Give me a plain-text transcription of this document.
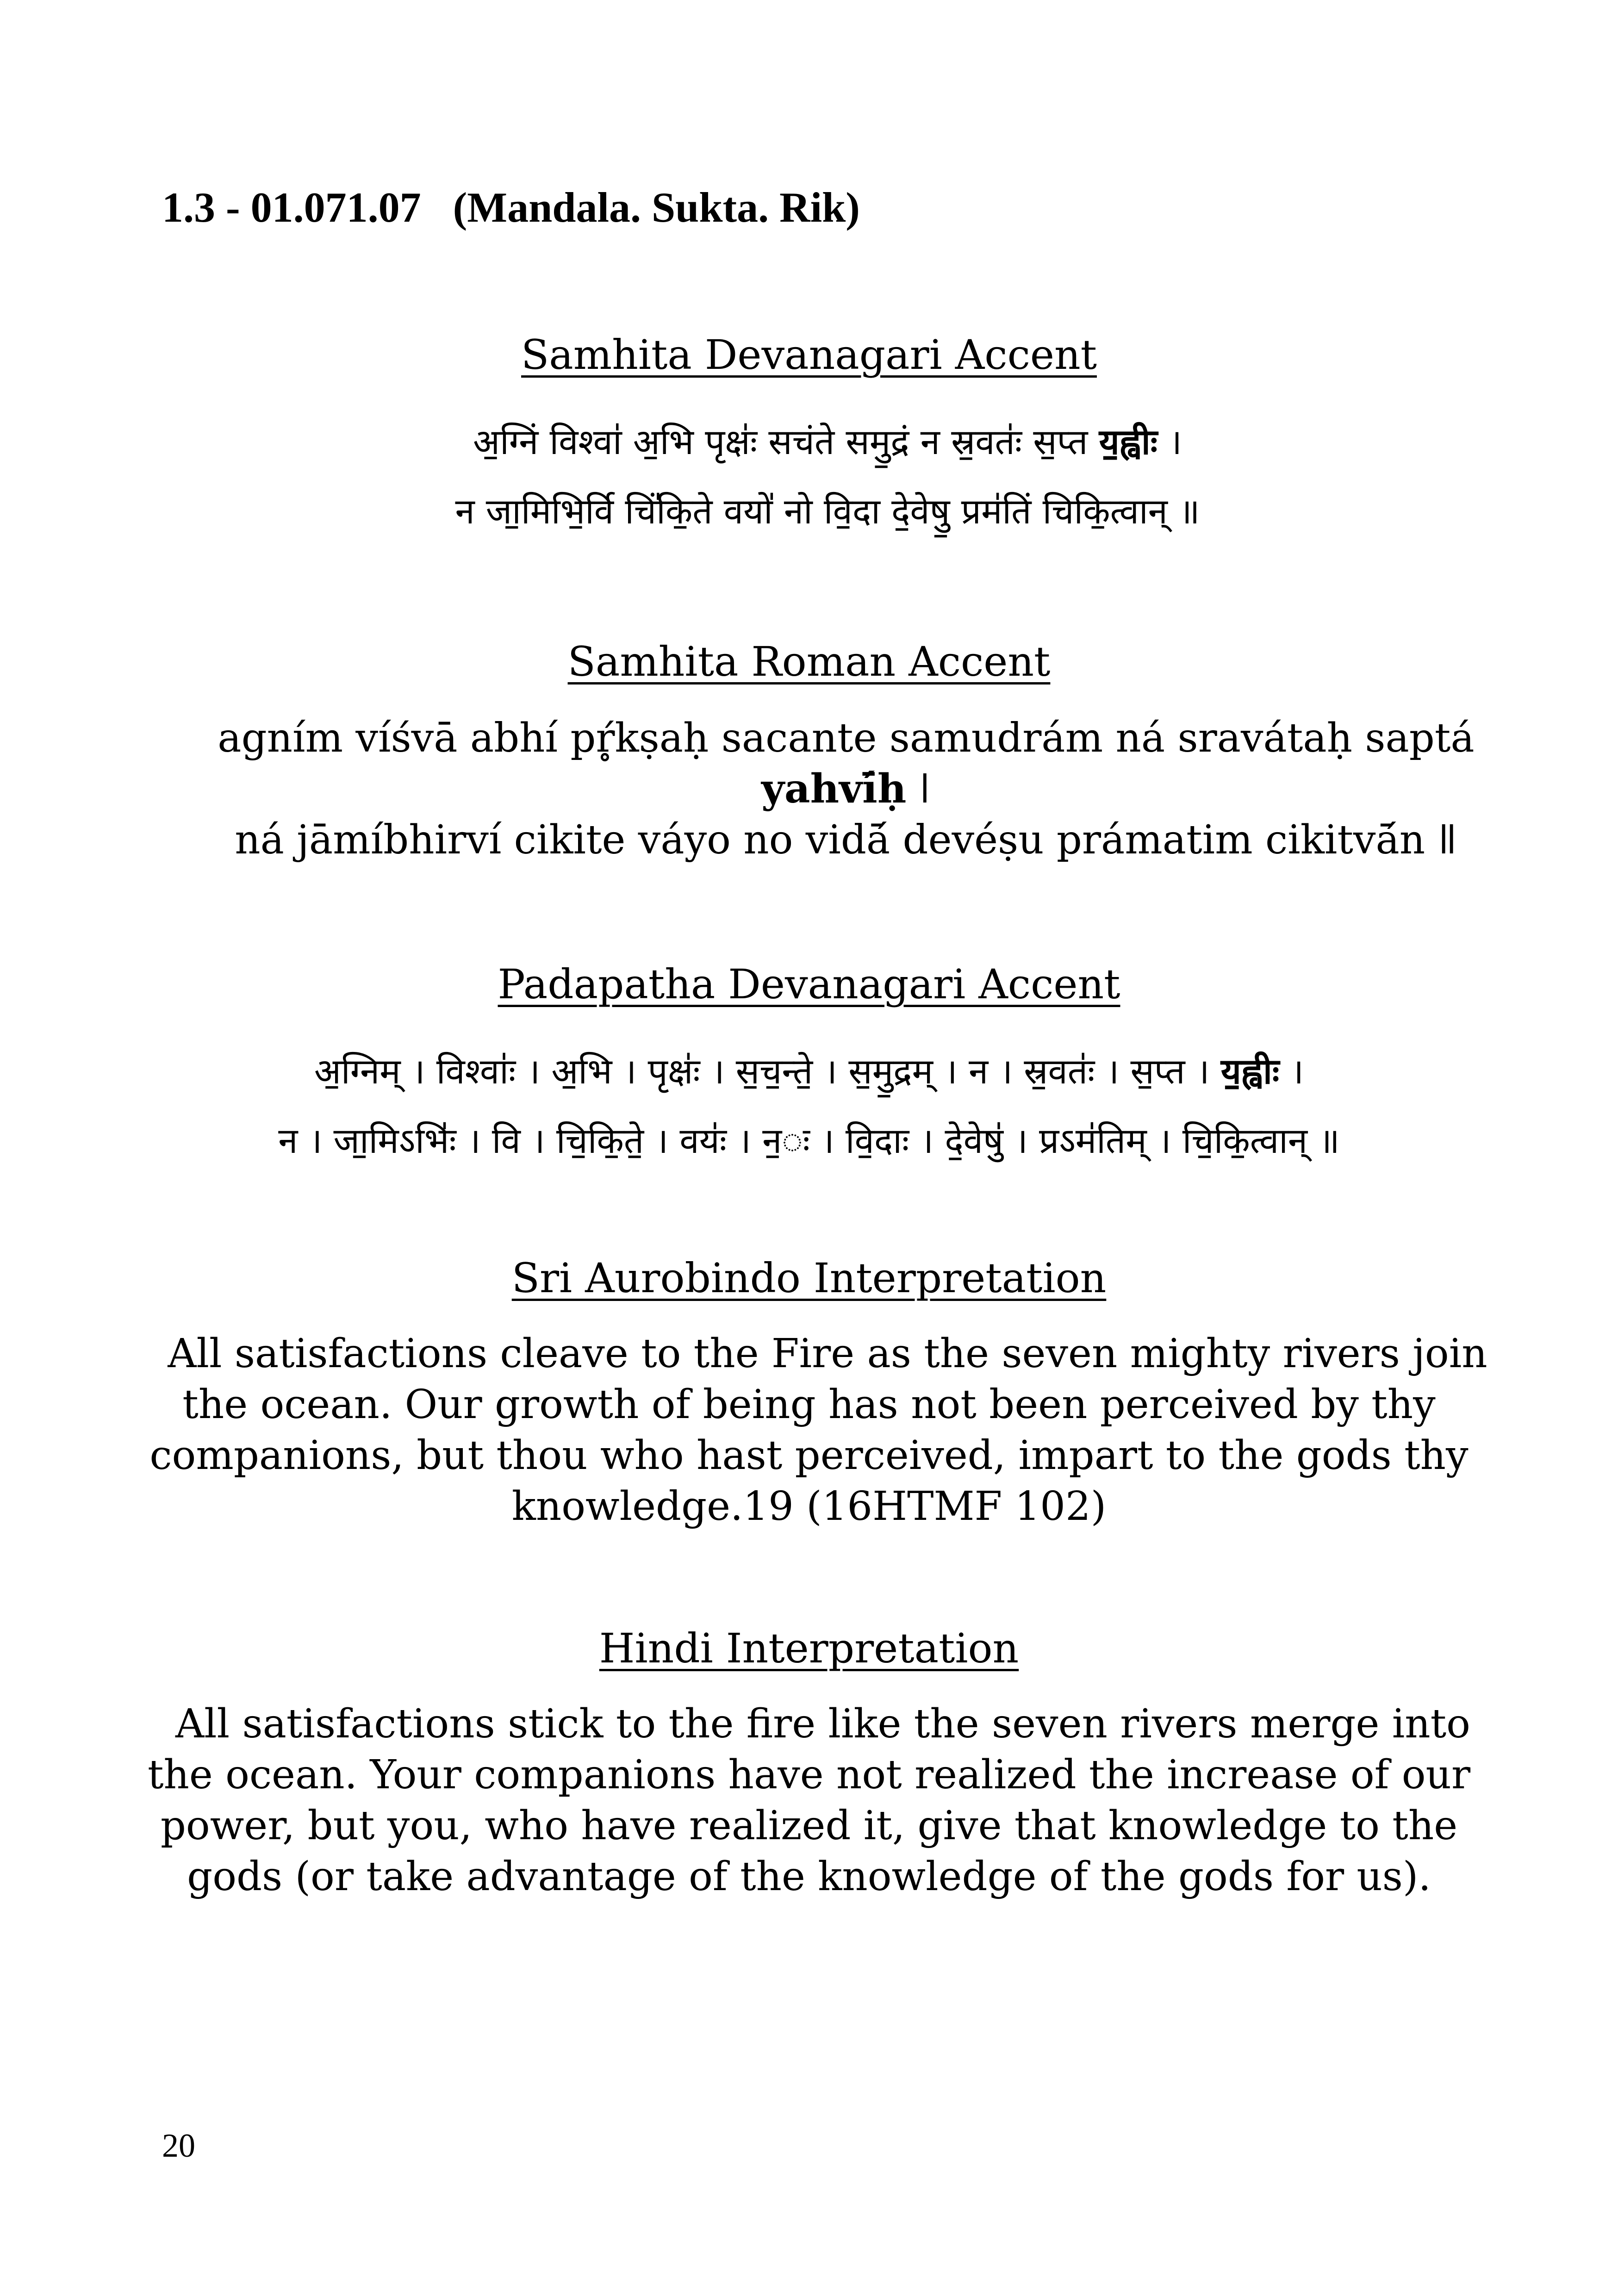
1.3 - 01.071.07 (Mandala. Sukta. Rik)
Samhita Devanagari Accent
अ॒ग्निं विश्वा॑ अ॒भि पृक्षः॑ सचंते समु॒द्रं न स्र॒वतः॑ स॒प्त य॒ह्वीः ।
न जा॒मिभि॒र्वि चिं॑कि॒ते वयो॑ नो वि॒दा दे॒वेषु॒ प्रम॑तिं चिकि॒त्वान् ॥
Samhita Roman Accent
agním víśvā abhí pŕ̥kṣaḥ sacante samudrám ná sravátaḥ saptá
yahvī́ḥ ǀ
ná jāmíbhirví cikite váyo no vidā́ devéṣu prámatim cikitvā́n ǁ
Padapatha Devanagari Accent
अ॒ग्निम् । विश्वाः॑ । अ॒भि । पृक्षः॑ । स॒च॒न्ते॒ । स॒मु॒द्रम् । न । स्र॒वतः॑ । स॒प्त । य॒ह्वीः ।
न । जा॒मिऽभिः॑ । वि । चि॒कि॒ते॒ । वयः॑ । न॒ः । वि॒दाः । दे॒वेषु॑ । प्रऽम॑तिम् । चि॒कि॒त्वान् ॥
Sri Aurobindo Interpretation
All satisfactions cleave to the Fire as the seven mighty rivers join
the ocean. Our growth of being has not been perceived by thy
companions, but thou who hast perceived, impart to the gods thy
knowledge.19 (16HTMF 102)
Hindi Interpretation
All satisfactions stick to the fire like the seven rivers merge into
the ocean. Your companions have not realized the increase of our
power, but you, who have realized it, give that knowledge to the
gods (or take advantage of the knowledge of the gods for us).
20
